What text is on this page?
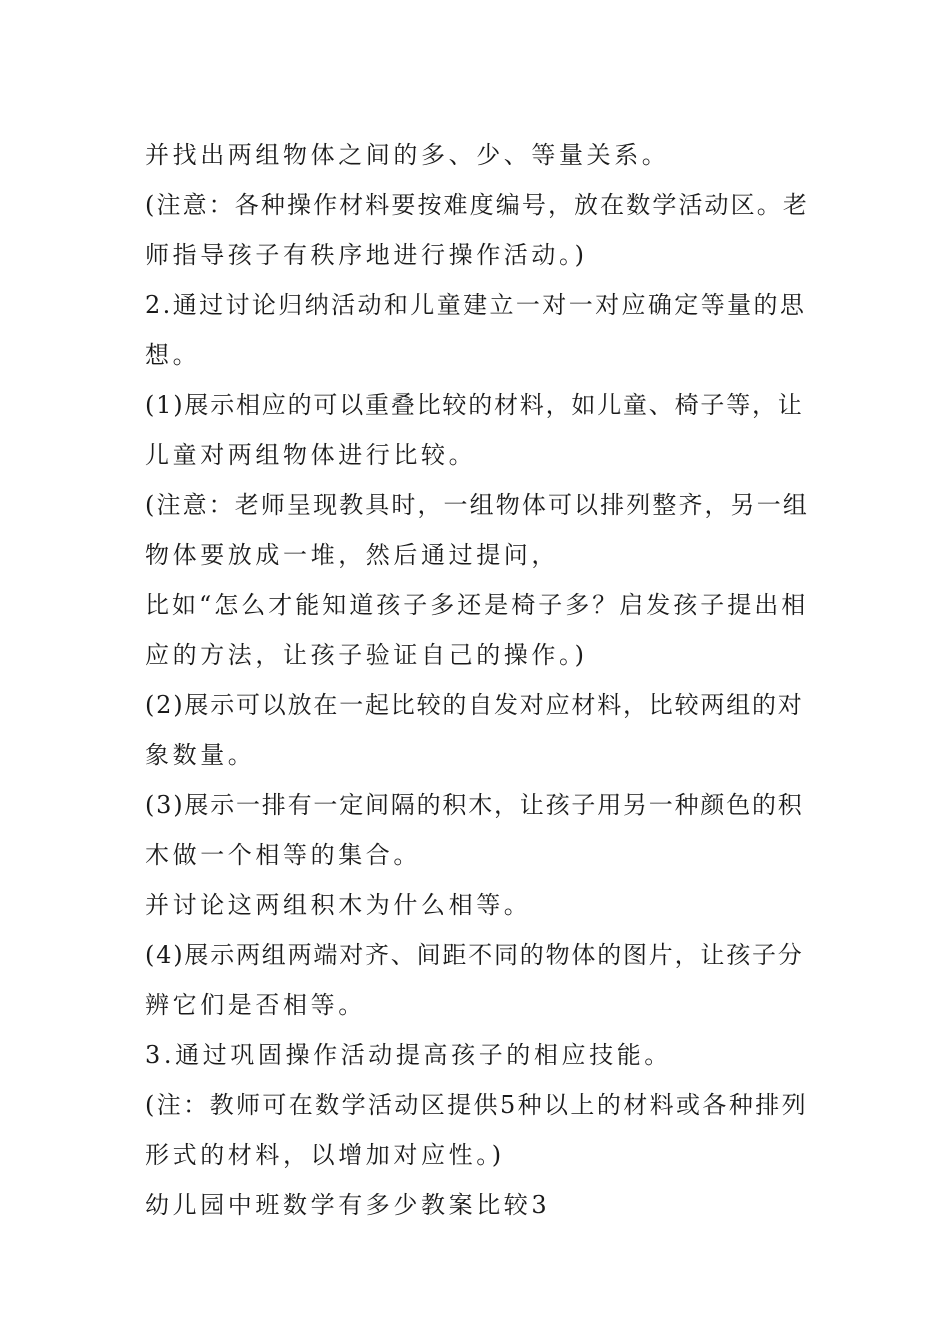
并找出两组物体之间的多、少、等量关系。
(注意：各种操作材料要按难度编号，放在数学活动区。老
师指导孩子有秩序地进行操作活动。)
2.通过讨论归纳活动和儿童建立一对一对应确定等量的思
想。
(1)展示相应的可以重叠比较的材料，如儿童、椅子等，让
儿童对两组物体进行比较。
(注意：老师呈现教具时，一组物体可以排列整齐，另一组
物体要放成一堆，然后通过提问，
比如“怎么才能知道孩子多还是椅子多？启发孩子提出相
应的方法，让孩子验证自己的操作。)
(2)展示可以放在一起比较的自发对应材料，比较两组的对
象数量。
(3)展示一排有一定间隔的积木，让孩子用另一种颜色的积
木做一个相等的集合。
并讨论这两组积木为什么相等。
(4)展示两组两端对齐、间距不同的物体的图片，让孩子分
辨它们是否相等。
3.通过巩固操作活动提高孩子的相应技能。
(注：教师可在数学活动区提供5种以上的材料或各种排列
形式的材料，以增加对应性。)
幼儿园中班数学有多少教案比较3
